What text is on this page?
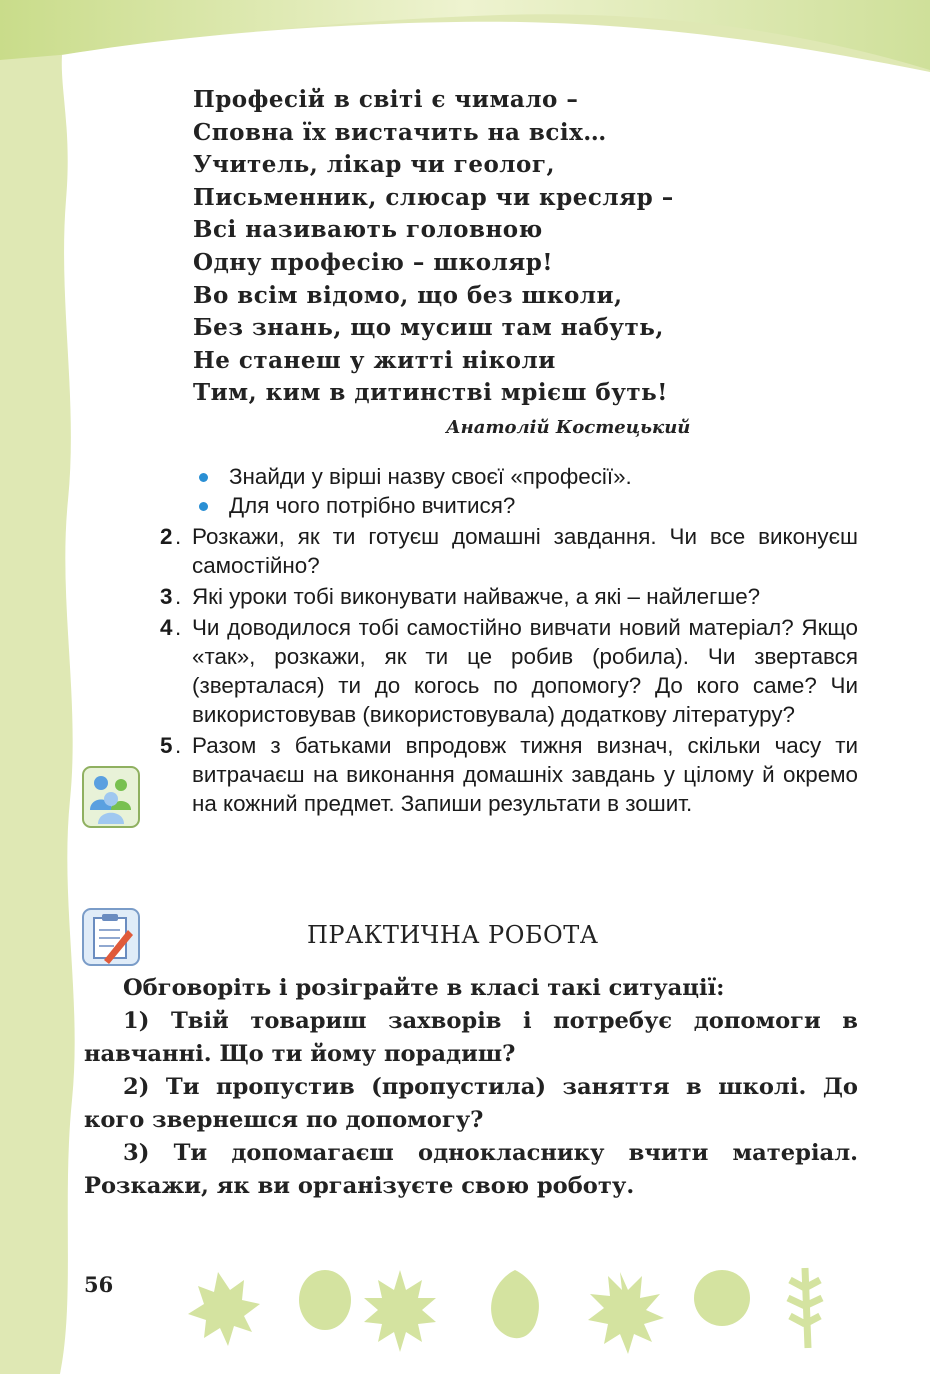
Професій в світі є чимало –
Сповна їх вистачить на всіх…
Учитель, лікар чи геолог,
Письменник, слюсар чи кресляр –
Всі називають головною
Одну професію – школяр!
Во всім відомо, що без школи,
Без знань, що мусиш там набуть,
Не станеш у житті ніколи
Тим, ким в дитинстві мрієш буть!
Анатолій Костецький
Знайди у вірші назву своєї «професії».
Для чого потрібно вчитися?
2 . Розкажи, як ти готуєш домашні завдання. Чи все виконуєш самостійно?
3 . Які уроки тобі виконувати найважче, а які – найлегше?
4 . Чи доводилося тобі самостійно вивчати новий матеріал? Якщо «так», розкажи, як ти це робив (робила). Чи звертався (зверталася) ти до когось по допомогу? До кого саме? Чи використовував (використовувала) додаткову літературу?
5 . Разом з батьками впродовж тижня визнач, скільки часу ти витрачаєш на виконання домашніх завдань у цілому й окремо на кожний предмет. Запиши результати в зошит.
ПРАКТИЧНА РОБОТА

Обговоріть і розіграйте в класі такі ситуації:

1) Твій товариш захворів і потребує допомоги в навчанні. Що ти йому порадиш?

2) Ти пропустив (пропустила) заняття в школі. До кого звернешся по допомогу?

3) Ти допомагаєш однокласнику вчити матеріал. Розкажи, як ви організуєте свою роботу.

56
